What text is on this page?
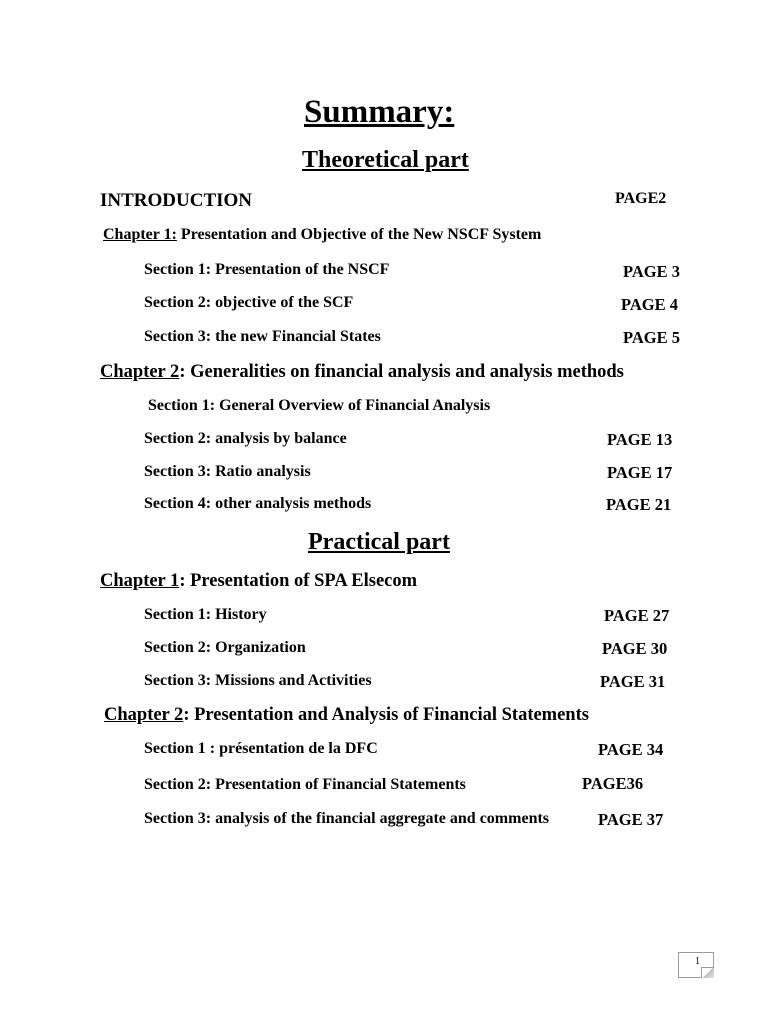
Summary:
Theoretical part
INTRODUCTION	PAGE2
Chapter 1: Presentation and Objective of the New NSCF System
Section 1: Presentation of the NSCF	PAGE 3
Section 2: objective of the SCF	PAGE 4
Section 3: the new Financial States	PAGE 5
Chapter 2: Generalities on financial analysis and analysis methods
Section 1: General Overview of Financial Analysis
Section 2: analysis by balance	PAGE 13
Section 3: Ratio analysis	PAGE 17
Section 4: other analysis methods	PAGE 21
Practical part
Chapter 1: Presentation of SPA Elsecom
Section 1: History	PAGE 27
Section 2: Organization	PAGE 30
Section 3: Missions and Activities	PAGE 31
Chapter 2: Presentation and Analysis of Financial Statements
Section 1 : présentation de la DFC	PAGE 34
Section 2: Presentation of Financial Statements	PAGE36
Section 3: analysis of the financial aggregate and comments	PAGE 37
1
